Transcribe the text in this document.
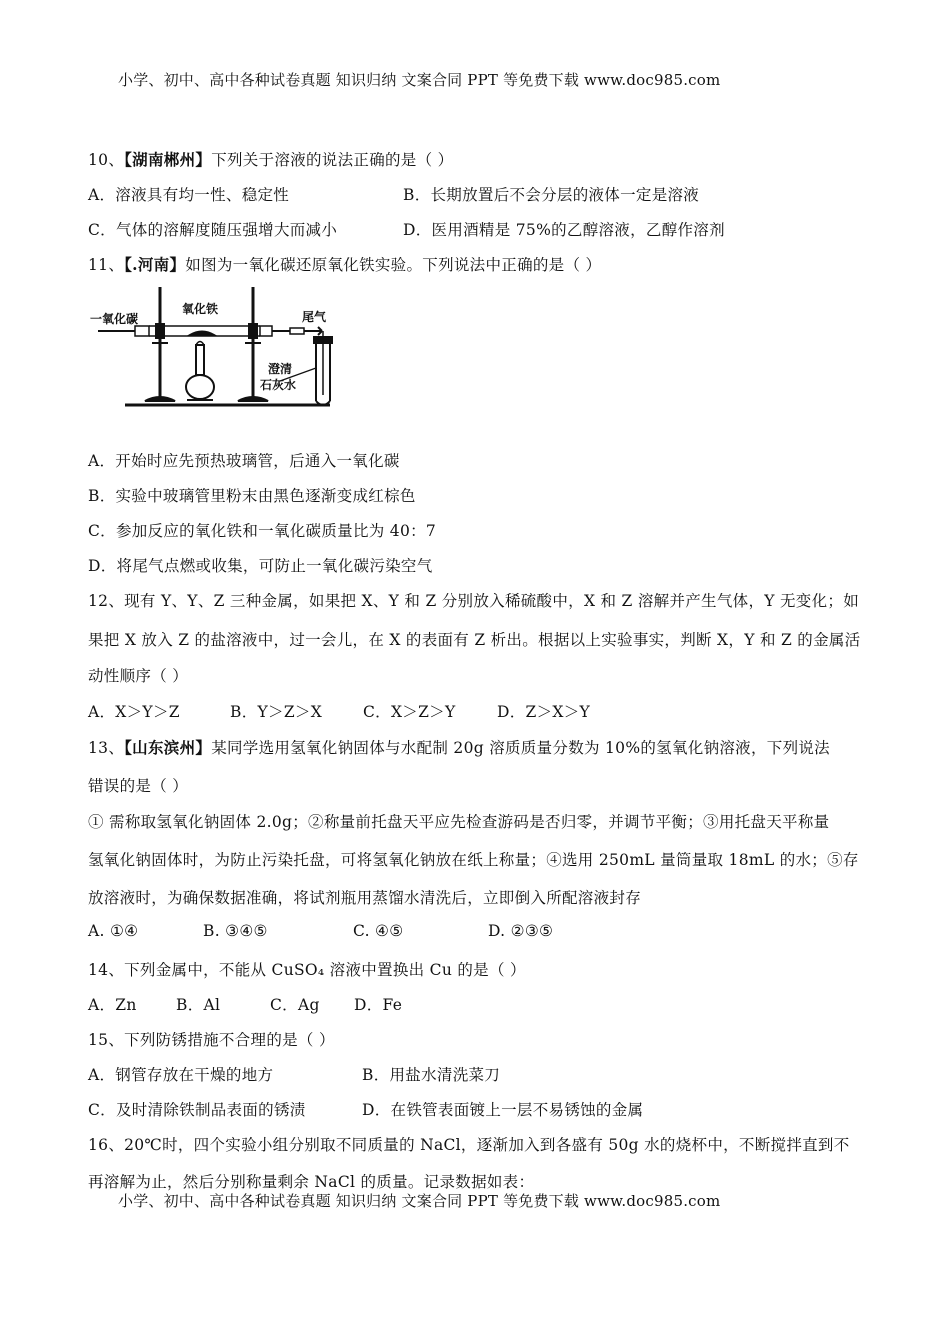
小学、初中、高中各种试卷真题 知识归纳 文案合同 PPT 等免费下载 www.doc985.com
10、【湖南郴州】下列关于溶液的说法正确的是（ ）
A．溶液具有均一性、稳定性	B．长期放置后不会分层的液体一定是溶液
C．气体的溶解度随压强增大而减小	D．医用酒精是 75%的乙醇溶液，乙醇作溶剂
11、【.河南】如图为一氧化碳还原氧化铁实验。下列说法中正确的是（ ）
一氧化碳
氧化铁
尾气
澄清
石灰水
A．开始时应先预热玻璃管，后通入一氧化碳
B．实验中玻璃管里粉末由黑色逐渐变成红棕色
C．参加反应的氧化铁和一氧化碳质量比为 40：7
D．将尾气点燃或收集，可防止一氧化碳污染空气
12、现有 Y、Y、Z 三种金属，如果把 X、Y 和 Z 分别放入稀硫酸中，X 和 Z 溶解并产生气体，Y 无变化；如
果把 X 放入 Z 的盐溶液中，过一会儿，在 X 的表面有 Z 析出。根据以上实验事实，判断 X，Y 和 Z 的金属活
动性顺序（ ）
A．X＞Y＞Z	B．Y＞Z＞X	C．X＞Z＞Y	D．Z＞X＞Y
13、【山东滨州】某同学选用氢氧化钠固体与水配制 20g 溶质质量分数为 10%的氢氧化钠溶液，下列说法
错误的是（ ）
① 需称取氢氧化钠固体 2.0g；②称量前托盘天平应先检查游码是否归零，并调节平衡；③用托盘天平称量
氢氧化钠固体时，为防止污染托盘，可将氢氧化钠放在纸上称量；④选用 250mL 量筒量取 18mL 的水；⑤存
放溶液时，为确保数据准确，将试剂瓶用蒸馏水清洗后，立即倒入所配溶液封存
A. ①④	B. ③④⑤	C. ④⑤	D. ②③⑤
14、下列金属中，不能从 CuSO₄ 溶液中置换出 Cu 的是（ ）
A．Zn	B．Al	C．Ag D．Fe
15、下列防锈措施不合理的是（ ）
A．钢管存放在干燥的地方	B．用盐水清洗菜刀
C．及时清除铁制品表面的锈渍	D．在铁管表面镀上一层不易锈蚀的金属
16、20℃时，四个实验小组分别取不同质量的 NaCl，逐渐加入到各盛有 50g 水的烧杯中，不断搅拌直到不
再溶解为止，然后分别称量剩余 NaCl 的质量。记录数据如表：
小学、初中、高中各种试卷真题 知识归纳 文案合同 PPT 等免费下载 www.doc985.com
